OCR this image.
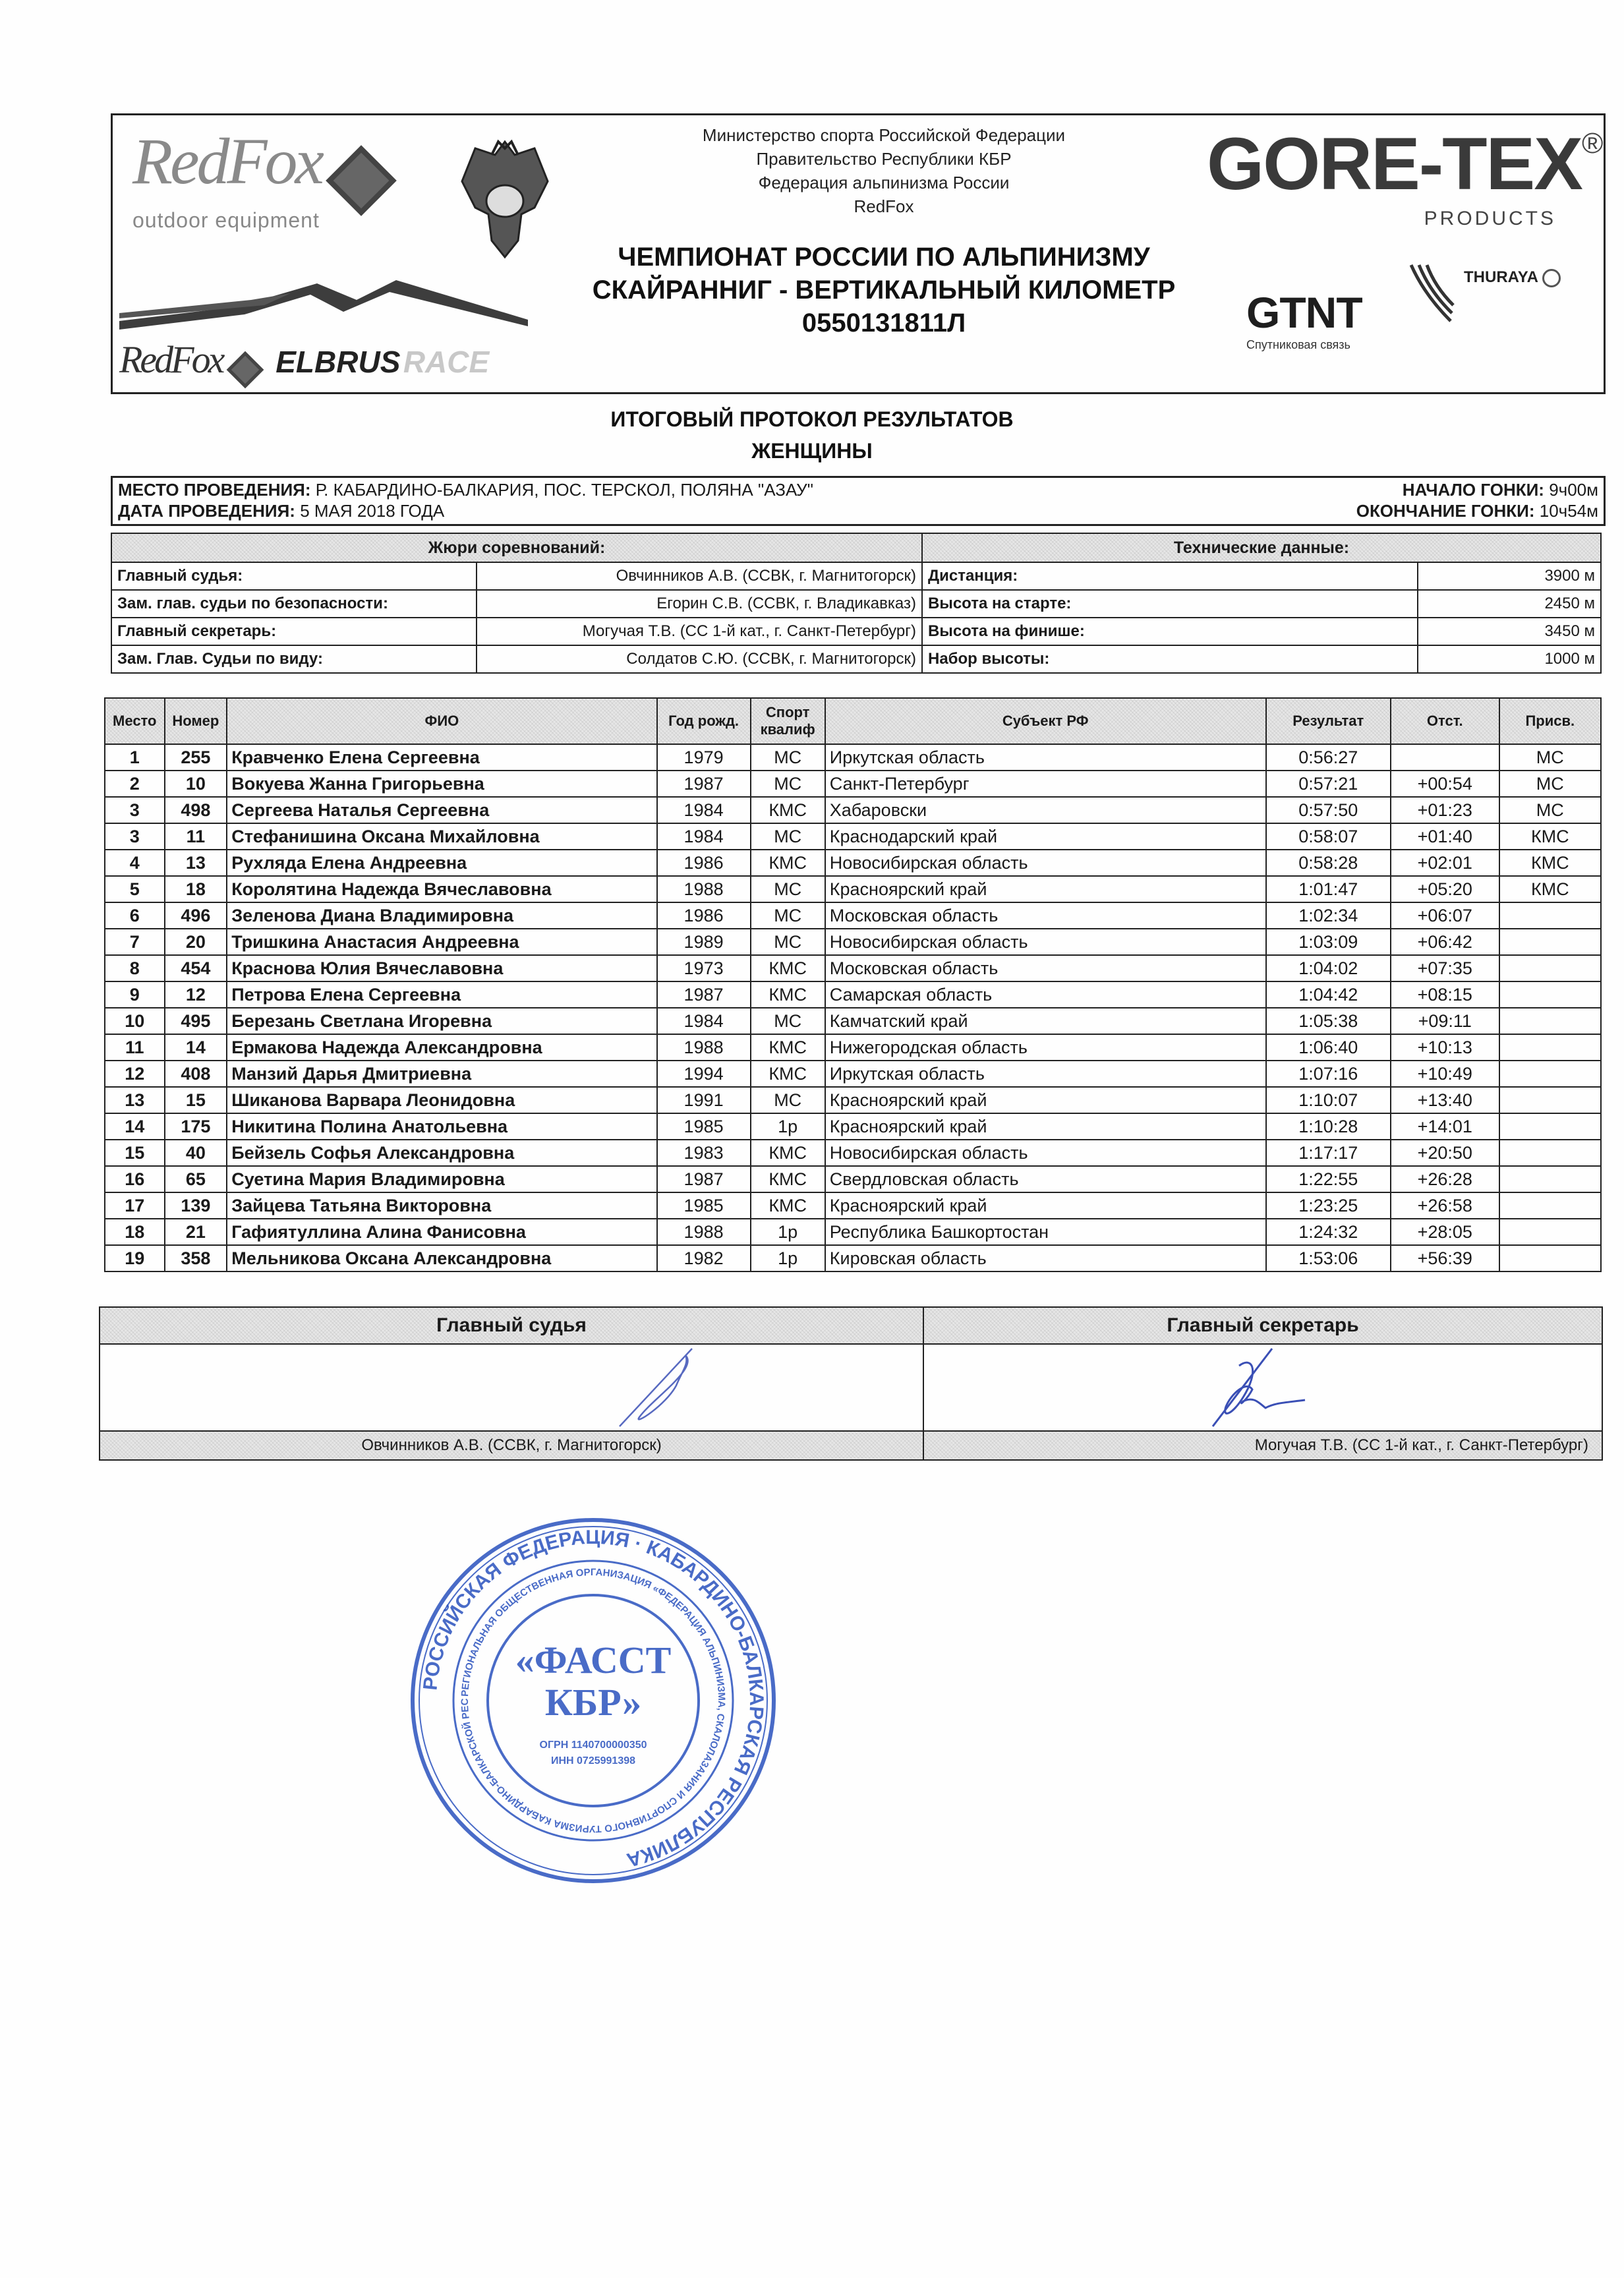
RedFox
outdoor equipment
Министерство спорта Российской Федерации
Правительство Республики КБР
Федерация альпинизма России
RedFox
ЧЕМПИОНАТ РОССИИ ПО АЛЬПИНИЗМУ
СКАЙРАННИГ - ВЕРТИКАЛЬНЫЙ КИЛОМЕТР
0550131811Л
GORE-TEX®
PRODUCTS
THURAYA
GTNT
Спутниковая связь
RedFox ELBRUS RACE
ИТОГОВЫЙ ПРОТОКОЛ РЕЗУЛЬТАТОВ
ЖЕНЩИНЫ
МЕСТО ПРОВЕДЕНИЯ: Р. КАБАРДИНО-БАЛКАРИЯ, ПОС. ТЕРСКОЛ, ПОЛЯНА "АЗАУ"
ДАТА ПРОВЕДЕНИЯ: 5 МАЯ 2018 ГОДА
НАЧАЛО ГОНКИ: 9ч00м
ОКОНЧАНИЕ ГОНКИ: 10ч54м
Жюри соревнований:	
Главный судья:	Овчинников А.В. (ССВК, г. Магнитогорск)
Зам. глав. судьи по безопасности:	Егорин С.В. (ССВК, г. Владикавказ)
Главный секретарь:	Могучая Т.В. (СС 1-й кат., г. Санкт-Петербург)
Зам. Глав. Судьи по виду:	Солдатов С.Ю. (ССВК, г. Магнитогорск)
Технические данные:	
Дистанция:	3900 м
Высота на старте:	2450 м
Высота на финише:	3450 м
Набор высоты:	1000 м
Место	Номер	ФИО	Год рожд.	Спорт квалиф	Субъект РФ	Результат	Отст.	Присв.
1	255	Кравченко Елена Сергеевна	1979	МС	Иркутская область	0:56:27		МС
2	10	Вокуева Жанна Григорьевна	1987	МС	Санкт-Петербург	0:57:21	+00:54	МС
3	498	Сергеева Наталья Сергеевна	1984	КМС	Хабаровски	0:57:50	+01:23	МС
3	11	Стефанишина Оксана Михайловна	1984	МС	Краснодарский край	0:58:07	+01:40	КМС
4	13	Рухляда Елена Андреевна	1986	КМС	Новосибирская область	0:58:28	+02:01	КМС
5	18	Королятина Надежда Вячеславовна	1988	МС	Красноярский край	1:01:47	+05:20	КМС
6	496	Зеленова Диана Владимировна	1986	МС	Московская область	1:02:34	+06:07	
7	20	Тришкина Анастасия Андреевна	1989	МС	Новосибирская область	1:03:09	+06:42	
8	454	Краснова Юлия Вячеславовна	1973	КМС	Московская область	1:04:02	+07:35	
9	12	Петрова Елена Сергеевна	1987	КМС	Самарская область	1:04:42	+08:15	
10	495	Березань Светлана Игоревна	1984	МС	Камчатский край	1:05:38	+09:11	
11	14	Ермакова Надежда Александровна	1988	КМС	Нижегородская область	1:06:40	+10:13	
12	408	Манзий Дарья Дмитриевна	1994	КМС	Иркутская область	1:07:16	+10:49	
13	15	Шиканова Варвара Леонидовна	1991	МС	Красноярский край	1:10:07	+13:40	
14	175	Никитина Полина Анатольевна	1985	1р	Красноярский край	1:10:28	+14:01	
15	40	Бейзель Софья Александровна	1983	КМС	Новосибирская область	1:17:17	+20:50	
16	65	Суетина Мария Владимировна	1987	КМС	Свердловская область	1:22:55	+26:28	
17	139	Зайцева Татьяна Викторовна	1985	КМС	Красноярский край	1:23:25	+26:58	
18	21	Гафиятуллина Алина Фанисовна	1988	1р	Республика Башкортостан	1:24:32	+28:05	
19	358	Мельникова Оксана Александровна	1982	1р	Кировская область	1:53:06	+56:39	
Главный судья	Главный секретарь

Овчинников А.В. (ССВК, г. Магнитогорск)	Могучая Т.В. (СС 1-й кат., г. Санкт-Петербург)
РОССИЙСКАЯ ФЕДЕРАЦИЯ · КАБАРДИНО-БАЛКАРСКАЯ РЕСПУБЛИКА
РЕГИОНАЛЬНАЯ ОБЩЕСТВЕННАЯ ОРГАНИЗАЦИЯ «ФЕДЕРАЦИЯ АЛЬПИНИЗМА, СКАЛОЛАЗАНИЯ И СПОРТИВНОГО ТУРИЗМА КАБАРДИНО-БАЛКАРСКОЙ РЕС
«ФАССТ
КБР»
ОГРН 1140700000350
ИНН 0725991398
